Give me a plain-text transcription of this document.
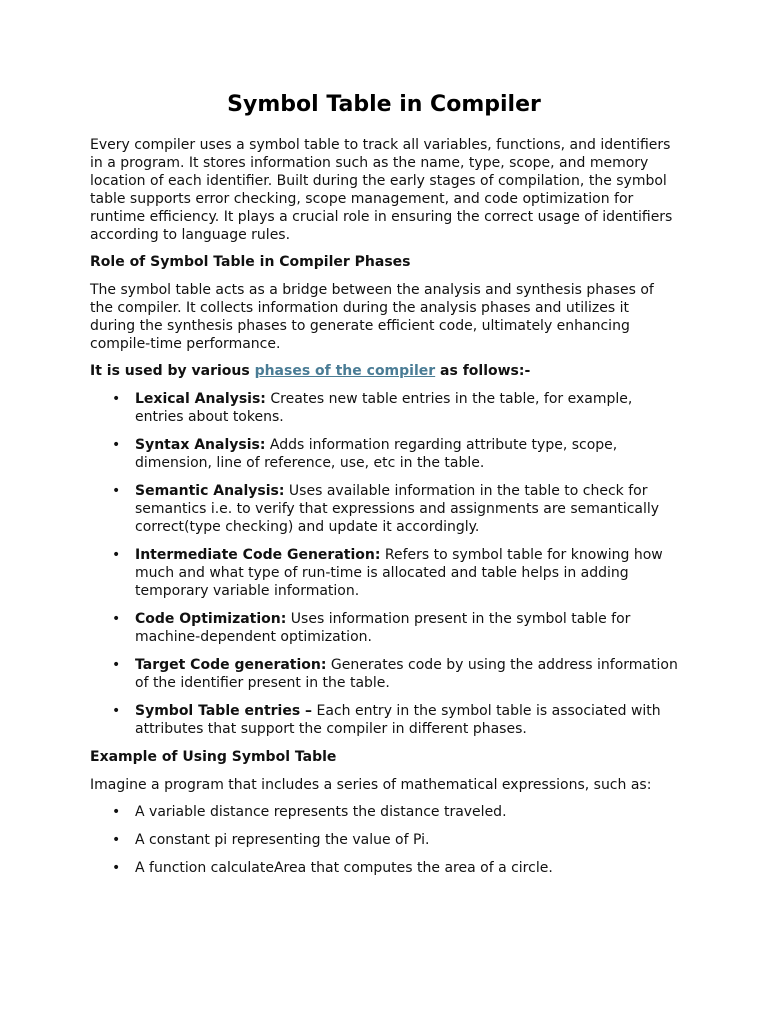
Symbol Table in Compiler

Every compiler uses a symbol table to track all variables, functions, and identifiers in a program. It stores information such as the name, type, scope, and memory location of each identifier. Built during the early stages of compilation, the symbol table supports error checking, scope management, and code optimization for runtime efficiency. It plays a crucial role in ensuring the correct usage of identifiers according to language rules.

Role of Symbol Table in Compiler Phases

The symbol table acts as a bridge between the analysis and synthesis phases of the compiler. It collects information during the analysis phases and utilizes it during the synthesis phases to generate efficient code, ultimately enhancing compile-time performance.

It is used by various phases of the compiler as follows:-

• Lexical Analysis: Creates new table entries in the table, for example, entries about tokens.
• Syntax Analysis: Adds information regarding attribute type, scope, dimension, line of reference, use, etc in the table.
• Semantic Analysis: Uses available information in the table to check for semantics i.e. to verify that expressions and assignments are semantically correct(type checking) and update it accordingly.
• Intermediate Code Generation: Refers to symbol table for knowing how much and what type of run-time is allocated and table helps in adding temporary variable information.
• Code Optimization: Uses information present in the symbol table for machine-dependent optimization.
• Target Code generation: Generates code by using the address information of the identifier present in the table.
• Symbol Table entries – Each entry in the symbol table is associated with attributes that support the compiler in different phases.

Example of Using Symbol Table

Imagine a program that includes a series of mathematical expressions, such as:

• A variable distance represents the distance traveled.
• A constant pi representing the value of Pi.
• A function calculateArea that computes the area of a circle.
